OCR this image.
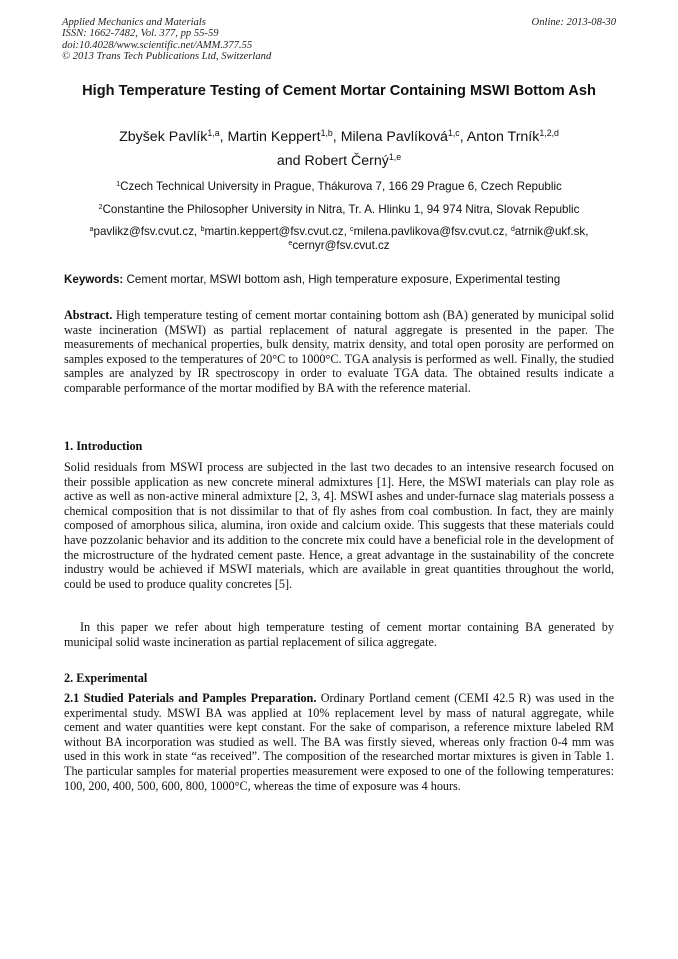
Applied Mechanics and Materials
ISSN: 1662-7482, Vol. 377, pp 55-59
doi:10.4028/www.scientific.net/AMM.377.55
© 2013 Trans Tech Publications Ltd, Switzerland
Online: 2013-08-30
High Temperature Testing of Cement Mortar Containing MSWI Bottom Ash
Zbyšek Pavlík$^{1,a}$, Martin Keppert$^{1,b}$, Milena Pavlíková$^{1,c}$, Anton Trník$^{1,2,d}$
and Robert Černý$^{1,e}$
$^1$Czech Technical University in Prague, Thákurova 7, 166 29 Prague 6, Czech Republic
$^2$Constantine the Philosopher University in Nitra, Tr. A. Hlinku 1, 94 974 Nitra, Slovak Republic
$^a$pavlikz@fsv.cvut.cz, $^b$martin.keppert@fsv.cvut.cz, $^c$milena.pavlikova@fsv.cvut.cz, $^d$atrnik@ukf.sk,
$^e$cernyr@fsv.cvut.cz
Keywords: Cement mortar, MSWI bottom ash, High temperature exposure, Experimental testing
Abstract. High temperature testing of cement mortar containing bottom ash (BA) generated by municipal solid waste incineration (MSWI) as partial replacement of natural aggregate is presented in the paper. The measurements of mechanical properties, bulk density, matrix density, and total open porosity are performed on samples exposed to the temperatures of 20°C to 1000°C. TGA analysis is performed as well. Finally, the studied samples are analyzed by IR spectroscopy in order to evaluate TGA data. The obtained results indicate a comparable performance of the mortar modified by BA with the reference material.
1. Introduction
Solid residuals from MSWI process are subjected in the last two decades to an intensive research focused on their possible application as new concrete mineral admixtures [1]. Here, the MSWI materials can play role as active as well as non-active mineral admixture [2, 3, 4]. MSWI ashes and under-furnace slag materials possess a chemical composition that is not dissimilar to that of fly ashes from coal combustion. In fact, they are mainly composed of amorphous silica, alumina, iron oxide and calcium oxide. This suggests that these materials could have pozzolanic behavior and its addition to the concrete mix could have a beneficial role in the development of the microstructure of the hydrated cement paste. Hence, a great advantage in the sustainability of the concrete industry would be achieved if MSWI materials, which are available in great quantities throughout the world, could be used to produce quality concretes [5].
In this paper we refer about high temperature testing of cement mortar containing BA generated by municipal solid waste incineration as partial replacement of silica aggregate.
2. Experimental
2.1 Studied Paterials and Pamples Preparation. Ordinary Portland cement (CEMI 42.5 R) was used in the experimental study. MSWI BA was applied at 10% replacement level by mass of natural aggregate, while cement and water quantities were kept constant. For the sake of comparison, a reference mixture labeled RM without BA incorporation was studied as well. The BA was firstly sieved, whereas only fraction 0-4 mm was used in this work in state “as received”. The composition of the researched mortar mixtures is given in Table 1. The particular samples for material properties measurement were exposed to one of the following temperatures: 100, 200, 400, 500, 600, 800, 1000°C, whereas the time of exposure was 4 hours.
